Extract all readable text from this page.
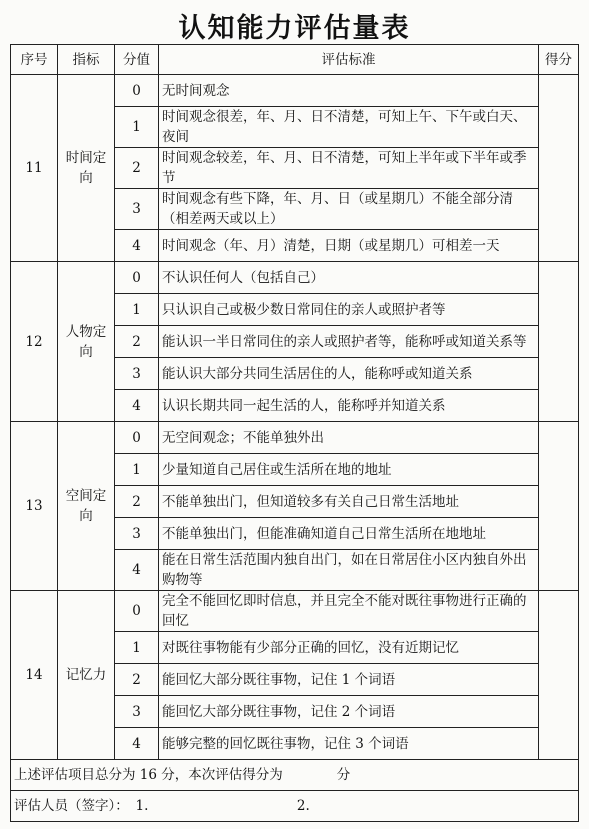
认知能力评估量表
序号	指标	分值	评估标准	得分
11	时间定向	0	无时间观念	
		1	时间观念很差，年、月、日不清楚，可知上午、下午或白天、夜间	
		2	时间观念较差，年、月、日不清楚，可知上半年或下半年或季节	
		3	时间观念有些下降，年、月、日（或星期几）不能全部分清（相差两天或以上）	
		4	时间观念（年、月）清楚，日期（或星期几）可相差一天	
12	人物定向	0	不认识任何人（包括自己）	
		1	只认识自己或极少数日常同住的亲人或照护者等	
		2	能认识一半日常同住的亲人或照护者等，能称呼或知道关系等	
		3	能认识大部分共同生活居住的人，能称呼或知道关系	
		4	认识长期共同一起生活的人，能称呼并知道关系	
13	空间定向	0	无空间观念；不能单独外出	
		1	少量知道自己居住或生活所在地的地址	
		2	不能单独出门，但知道较多有关自己日常生活地址	
		3	不能单独出门，但能准确知道自己日常生活所在地地址	
		4	能在日常生活范围内独自出门，如在日常居住小区内独自外出购物等	
14	记忆力	0	完全不能回忆即时信息，并且完全不能对既往事物进行正确的回忆	
		1	对既往事物能有少部分正确的回忆，没有近期记忆	
		2	能回忆大部分既往事物，记住 1 个词语	
		3	能回忆大部分既往事物，记住 2 个词语	
		4	能够完整的回忆既往事物，记住 3 个词语	
上述评估项目总分为 16 分，本次评估得分为　　　　分				
评估人员（签字）：　1.　　　　　　　　　　　2.				
